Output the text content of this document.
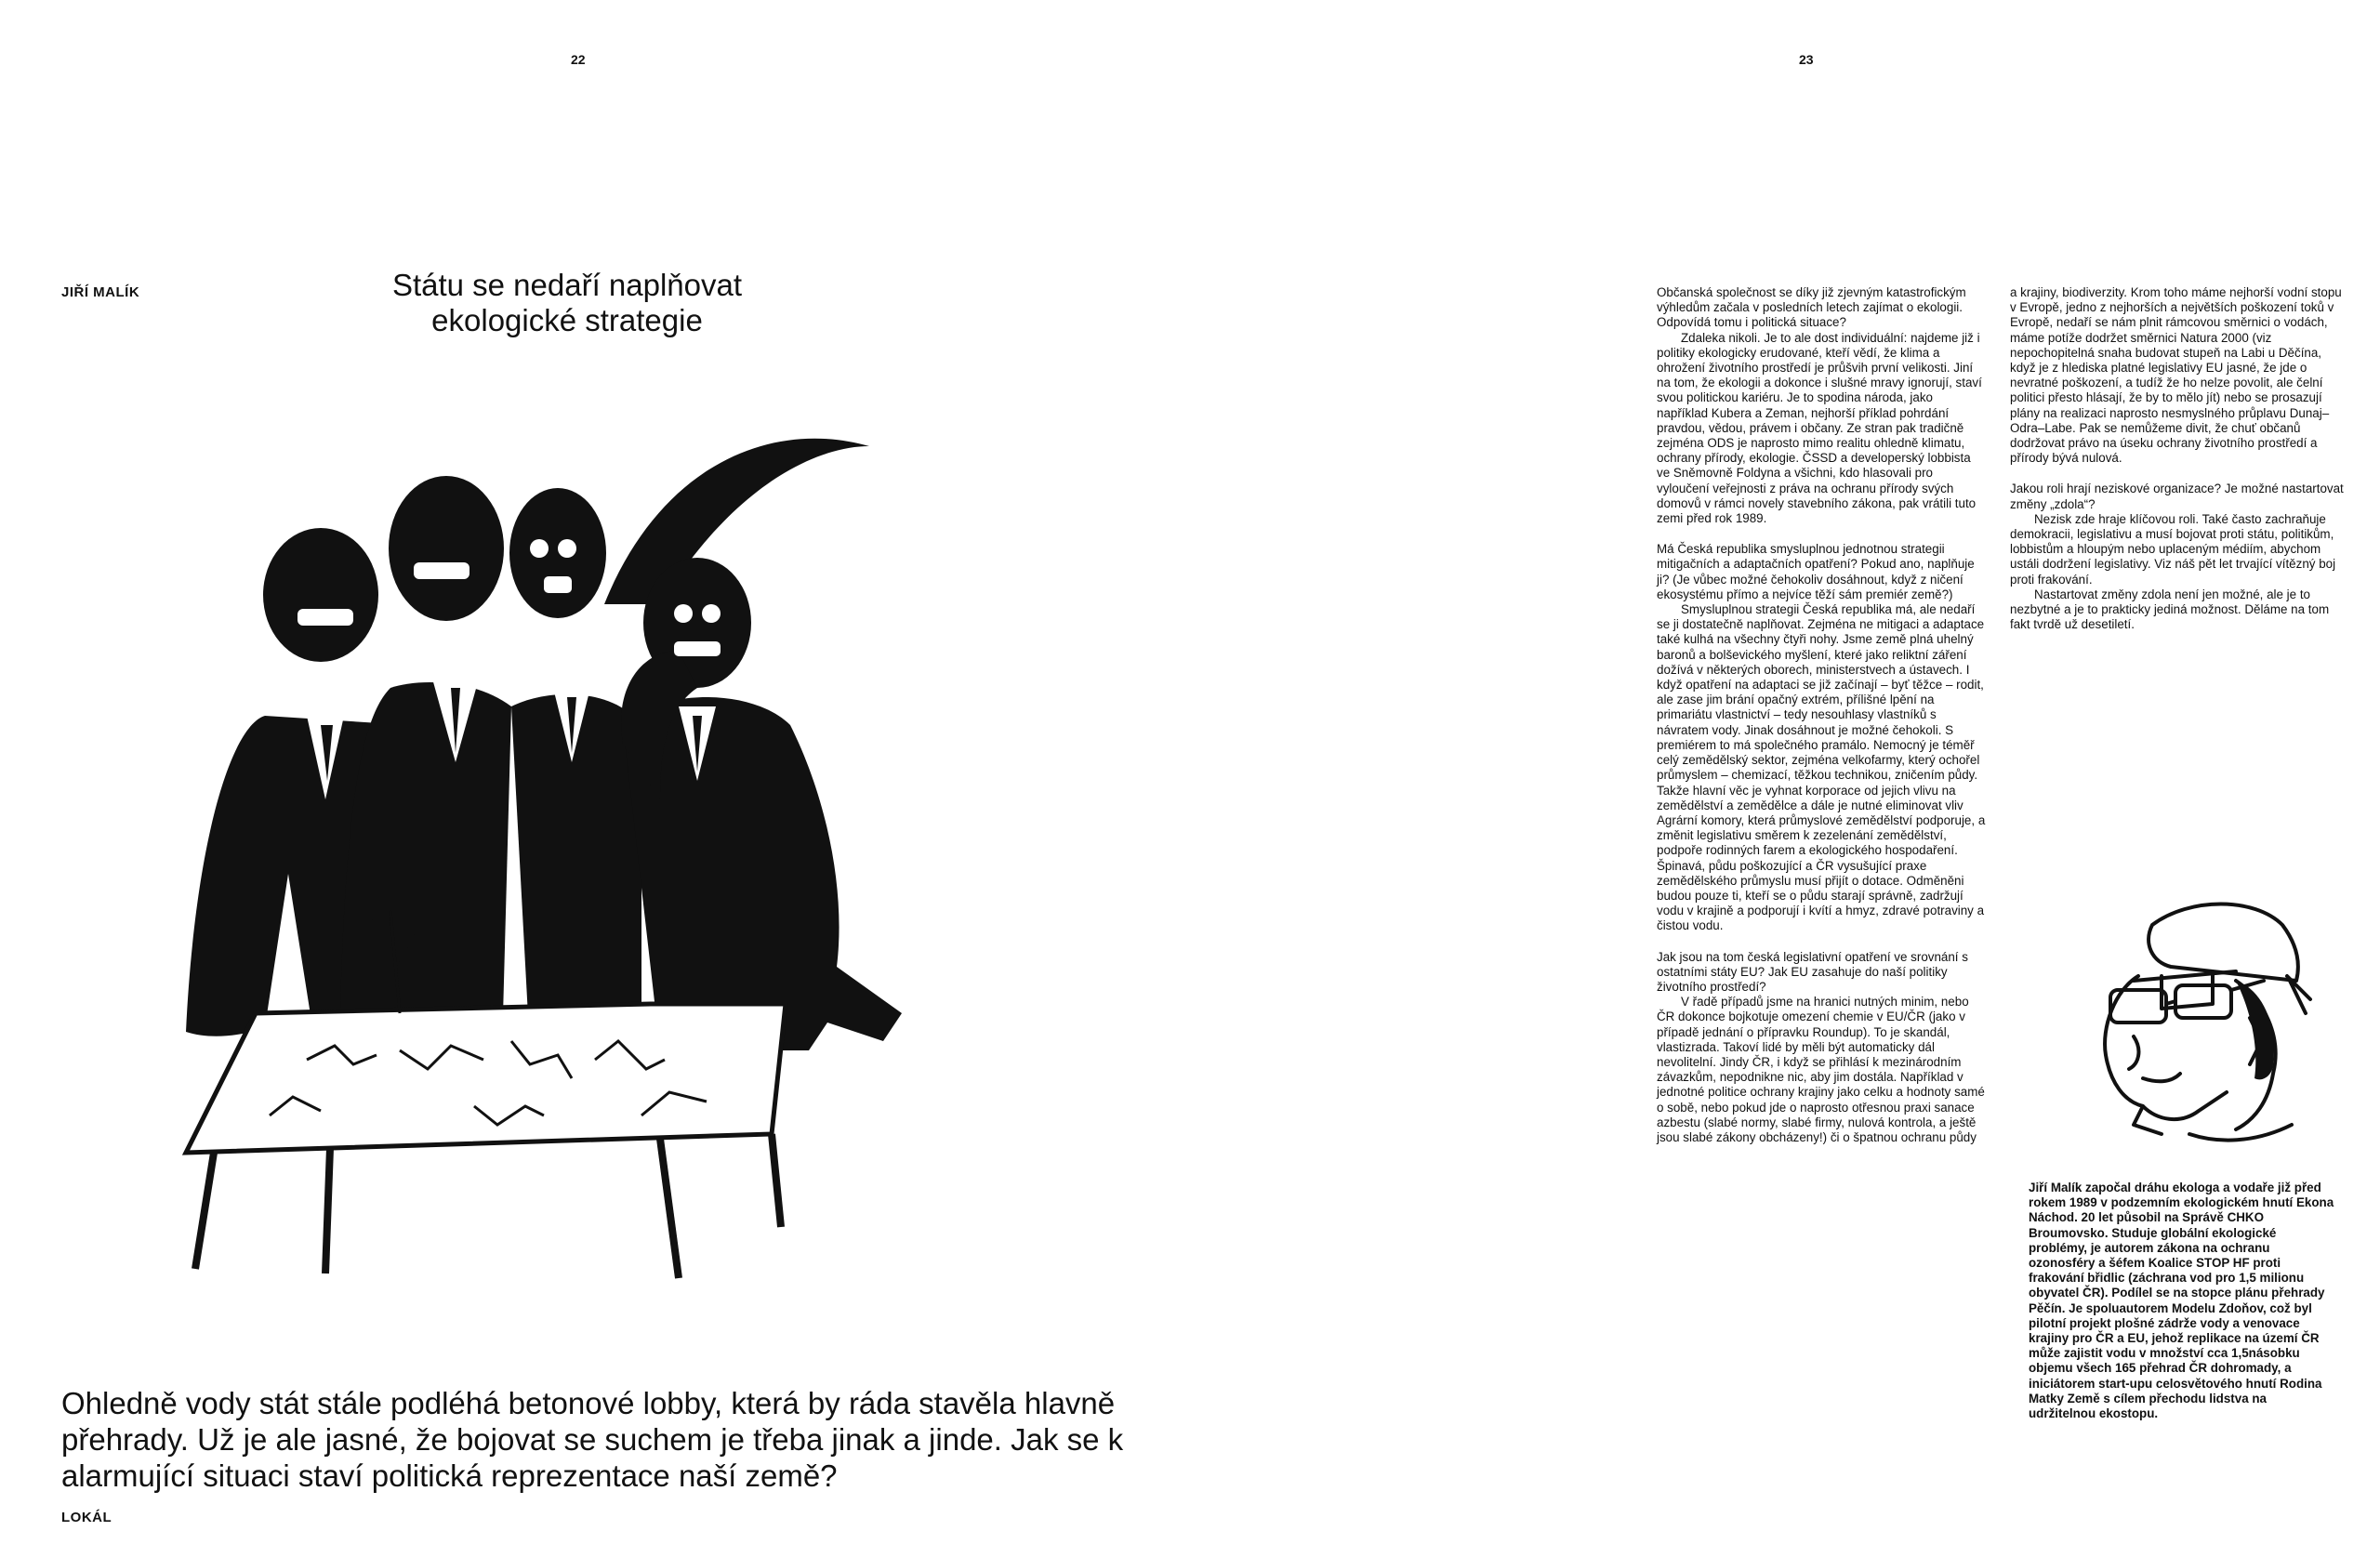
22	23
JIŘÍ MALÍK	Státu se nedaří naplňovat ekologické strategie

Ohledně vody stát stále podléhá betonové lobby, která by ráda stavěla hlavně přehrady. Už je ale jasné, že bojovat se suchem je třeba jinak a jinde. Jak se k alarmující situaci staví politická reprezentace naší země?

LOKÁL

Občanská společnost se díky již zjevným katastrofickým výhledům začala v posledních letech zajímat o ekologii. Odpovídá tomu i politická situace?

Zdaleka nikoli. Je to ale dost individuální: najdeme již i politiky ekologicky erudované, kteří vědí, že klima a ohrožení životního prostředí je průšvih první velikosti. Jiní na tom, že ekologii a dokonce i slušné mravy ignorují, staví svou politickou kariéru. Je to spodina národa, jako například Kubera a Zeman, nejhorší příklad pohrdání pravdou, vědou, právem i občany. Ze stran pak tradičně zejména ODS je naprosto mimo realitu ohledně klimatu, ochrany přírody, ekologie. ČSSD a developerský lobbista ve Sněmovně Foldyna a všichni, kdo hlasovali pro vyloučení veřejnosti z práva na ochranu přírody svých domovů v rámci novely stavebního zákona, pak vrátili tuto zemi před rok 1989.

Má Česká republika smysluplnou jednotnou strategii mitigačních a adaptačních opatření? Pokud ano, naplňuje ji? (Je vůbec možné čehokoliv dosáhnout, když z ničení ekosystému přímo a nejvíce těží sám premiér země?)

Smysluplnou strategii Česká republika má, ale nedaří se ji dostatečně naplňovat. Zejména ne mitigaci a adaptace také kulhá na všechny čtyři nohy. Jsme země plná uhelný baronů a bolševického myšlení, které jako reliktní záření dožívá v některých oborech, ministerstvech a ústavech. I když opatření na adaptaci se již začínají – byť těžce – rodit, ale zase jim brání opačný extrém, přílišné lpění na primariátu vlastnictví – tedy nesouhlasy vlastníků s návratem vody. Jinak dosáhnout je možné čehokoli. S premiérem to má společného pramálo. Nemocný je téměř celý zemědělský sektor, zejména velkofarmy, který ochořel průmyslem – chemizací, těžkou technikou, zničením půdy. Takže hlavní věc je vyhnat korporace od jejich vlivu na zemědělství a zemědělce a dále je nutné eliminovat vliv Agrární komory, která průmyslové zemědělství podporuje, a změnit legislativu směrem k zezelenání zemědělství, podpoře rodinných farem a ekologického hospodaření. Špinavá, půdu poškozující a ČR vysušující praxe zemědělského průmyslu musí přijít o dotace. Odměněni budou pouze ti, kteří se o půdu starají správně, zadržují vodu v krajině a podporují i kvítí a hmyz, zdravé potraviny a čistou vodu.

Jak jsou na tom česká legislativní opatření ve srovnání s ostatními státy EU? Jak EU zasahuje do naší politiky životního prostředí?

V řadě případů jsme na hranici nutných minim, nebo ČR dokonce bojkotuje omezení chemie v EU/ČR (jako v případě jednání o přípravku Roundup). To je skandál, vlastizrada. Takoví lidé by měli být automaticky dál nevolitelní. Jindy ČR, i když se přihlásí k mezinárodním závazkům, nepodnikne nic, aby jim dostála. Například v jednotné politice ochrany krajiny jako celku a hodnoty samé o sobě, nebo pokud jde o naprosto otřesnou praxi sanace azbestu (slabé normy, slabé firmy, nulová kontrola, a ještě jsou slabé zákony obcházeny!) či o špatnou ochranu půdy

a krajiny, biodiverzity. Krom toho máme nejhorší vodní stopu v Evropě, jedno z nejhorších a největších poškození toků v Evropě, nedaří se nám plnit rámcovou směrnici o vodách, máme potíže dodržet směrnici Natura 2000 (viz nepochopitelná snaha budovat stupeň na Labi u Děčína, když je z hlediska platné legislativy EU jasné, že jde o nevratné poškození, a tudíž že ho nelze povolit, ale čelní politici přesto hlásají, že by to mělo jít) nebo se prosazují plány na realizaci naprosto nesmyslného průplavu Dunaj–Odra–Labe. Pak se nemůžeme divit, že chuť občanů dodržovat právo na úseku ochrany životního prostředí a přírody bývá nulová.

Jakou roli hrají neziskové organizace? Je možné nastartovat změny „zdola“?

Nezisk zde hraje klíčovou roli. Také často zachraňuje demokracii, legislativu a musí bojovat proti státu, politikům, lobbistům a hloupým nebo uplaceným médiím, abychom ustáli dodržení legislativy. Viz náš pět let trvající vítězný boj proti frakování.

Nastartovat změny zdola není jen možné, ale je to nezbytné a je to prakticky jediná možnost. Děláme na tom fakt tvrdě už desetiletí.

Jiří Malík započal dráhu ekologa a vodaře již před rokem 1989 v podzemním ekologickém hnutí Ekona Náchod. 20 let působil na Správě CHKO Broumovsko. Studuje globální ekologické problémy, je autorem zákona na ochranu ozonosféry a šéfem Koalice STOP HF proti frakování břidlic (záchrana vod pro 1,5 milionu obyvatel ČR). Podílel se na stopce plánu přehrady Pěčín. Je spoluautorem Modelu Zdoňov, což byl pilotní projekt plošné zádrže vody a venovace krajiny pro ČR a EU, jehož replikace na území ČR může zajistit vodu v množství cca 1,5násobku objemu všech 165 přehrad ČR dohromady, a iniciátorem start-upu celosvětového hnutí Rodina Matky Země s cílem přechodu lidstva na udržitelnou ekostopu.
